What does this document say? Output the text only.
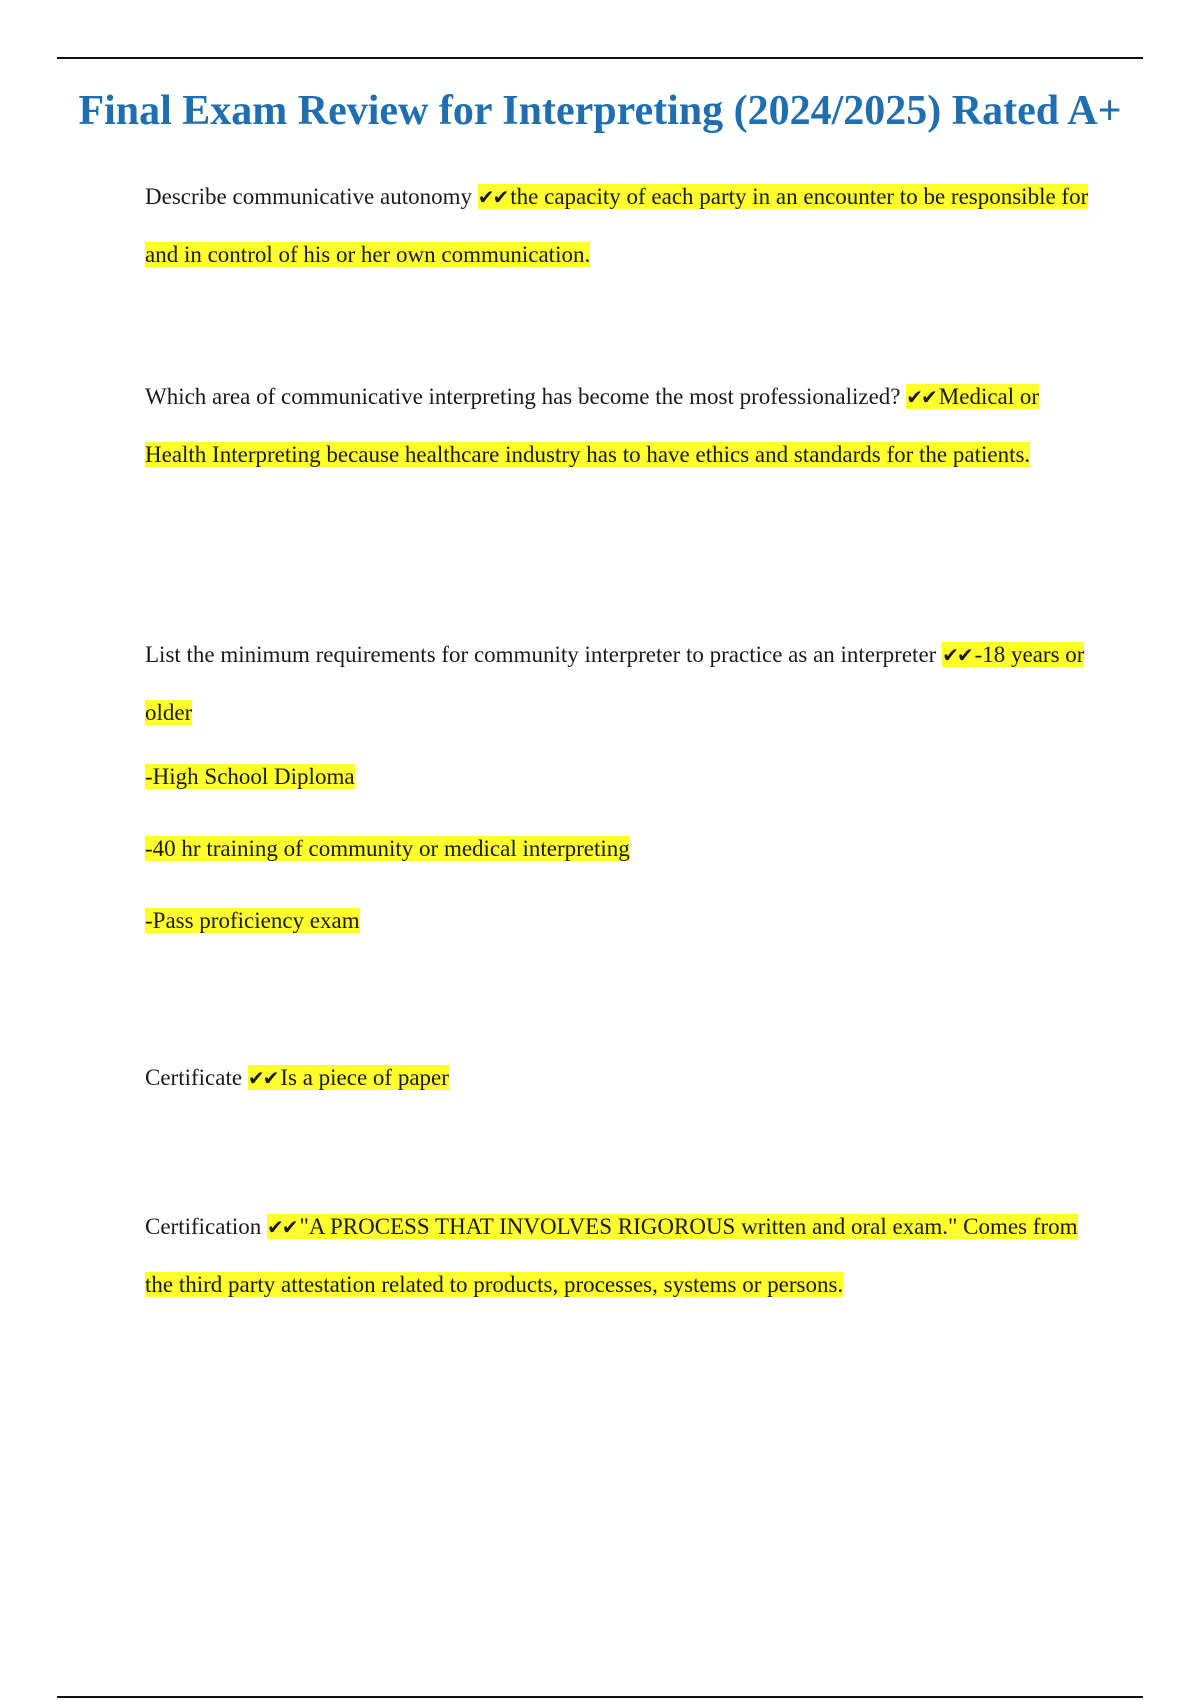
Final Exam Review for Interpreting (2024/2025) Rated A+

Describe communicative autonomy ✔✔ the capacity of each party in an encounter to be responsible for and in control of his or her own communication.

Which area of communicative interpreting has become the most professionalized? ✔✔ Medical or Health Interpreting because healthcare industry has to have ethics and standards for the patients.

List the minimum requirements for community interpreter to practice as an interpreter ✔✔ -18 years or older

-High School Diploma

-40 hr training of community or medical interpreting

-Pass proficiency exam

Certificate ✔✔ Is a piece of paper

Certification ✔✔ "A PROCESS THAT INVOLVES RIGOROUS written and oral exam." Comes from the third party attestation related to products, processes, systems or persons.
